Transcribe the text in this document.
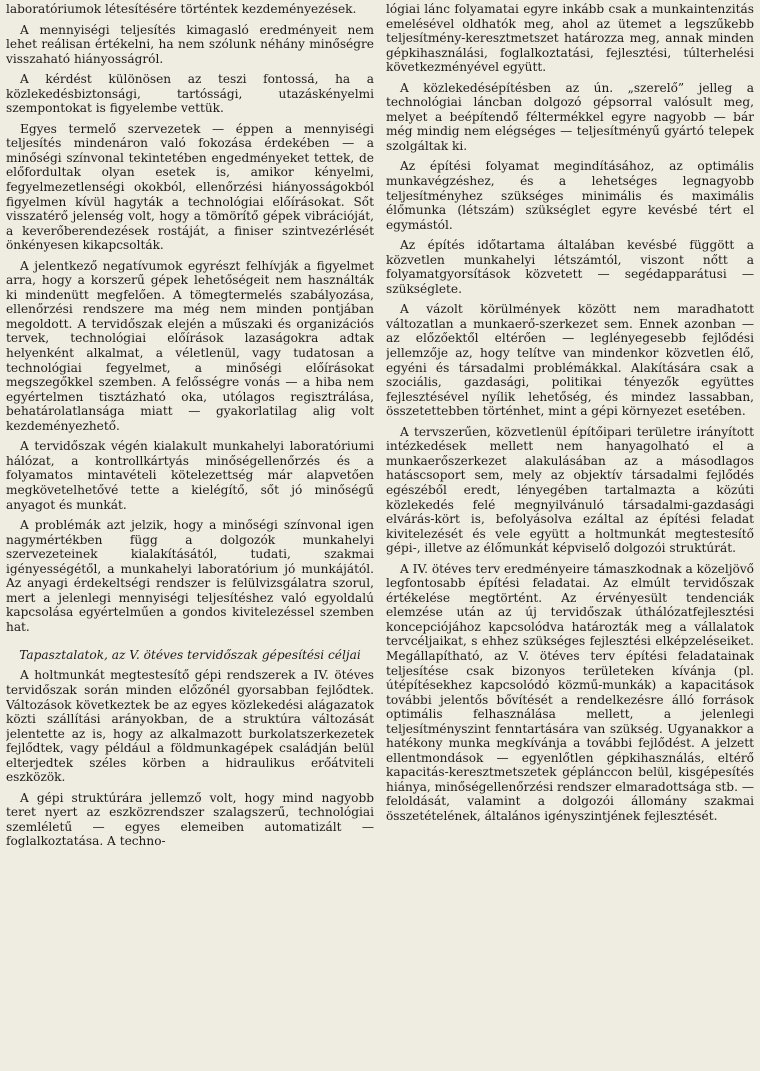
laboratóriumok létesítésére történtek kezdeményezések.

A mennyiségi teljesítés kimagasló eredményeit nem lehet reálisan értékelni, ha nem szólunk néhány minőségre visszaható hiányosságról.

A kérdést különösen az teszi fontossá, ha a közlekedésbiztonsági, tartóssági, utazáskényelmi szempontokat is figyelembe vettük.

Egyes termelő szervezetek — éppen a mennyiségi teljesítés mindenáron való fokozása érdekében — a minőségi színvonal tekintetében engedményeket tettek, de előfordultak olyan esetek is, amikor kényelmi, fegyelmezetlenségi okokból, ellenőrzési hiányosságokból figyelmen kívül hagyták a technológiai előírásokat. Sőt visszatérő jelenség volt, hogy a tömörítő gépek vibrációját, a keverőberendezések rostáját, a finiser szintvezérlését önkényesen kikapcsolták.

A jelentkező negatívumok egyrészt felhívják a figyelmet arra, hogy a korszerű gépek lehetőségeit nem használták ki mindenütt megfelően. A tömegtermelés szabályozása, ellenőrzési rendszere ma még nem minden pontjában megoldott. A tervidőszak elején a műszaki és organizációs tervek, technológiai előírások lazaságokra adtak helyenként alkalmat, a véletlenül, vagy tudatosan a technológiai fegyelmet, a minőségi előírásokat megszegőkkel szemben. A felősségre vonás — a hiba nem egyértelmen tisztázható oka, utólagos regisztrálása, behatárolatlansága miatt — gyakorlatilag alig volt kezdeményezhető.

A tervidőszak végén kialakult munkahelyi laboratóriumi hálózat, a kontrollkártyás minőségellenőrzés és a folyamatos mintavételi kötelezettség már alapvetően megkövetelhetővé tette a kielégítő, sőt jó minőségű anyagot és munkát.

A problémák azt jelzik, hogy a minőségi színvonal igen nagymértékben függ a dolgozók munkahelyi szervezeteinek kialakításától, tudati, szakmai igényességétől, a munkahelyi laboratórium jó munkájától. Az anyagi érdekeltségi rendszer is felülvizsgálatra szorul, mert a jelenlegi mennyiségi teljesítéshez való egyoldalú kapcsolása egyértelműen a gondos kivitelezéssel szemben hat.

Tapasztalatok, az V. ötéves tervidőszak gépesítési céljai

A holtmunkát megtestesítő gépi rendszerek a IV. ötéves tervidőszak során minden előzőnél gyorsabban fejlődtek. Változások következtek be az egyes közlekedési alágazatok közti szállítási arányokban, de a struktúra változását jelentette az is, hogy az alkalmazott burkolatszerkezetek fejlődtek, vagy például a földmunkagépek családján belül elterjedtek széles körben a hidraulikus erőátviteli eszközök.

A gépi struktúrára jellemző volt, hogy mind nagyobb teret nyert az eszközrendszer szalagszerű, technológiai szemléletű — egyes elemeiben automatizált — foglalkoztatása. A techno-

lógiai lánc folyamatai egyre inkább csak a munkaintenzitás emelésével oldhatók meg, ahol az ütemet a legszűkebb teljesítmény-keresztmetszet határozza meg, annak minden gépkihasználási, foglalkoztatási, fejlesztési, túlterhelési következményével együtt.

A közlekedésépítésben az ún. „szerelő” jelleg a technológiai láncban dolgozó gépsorral valósult meg, melyet a beépítendő féltermékkel egyre nagyobb — bár még mindig nem elégséges — teljesítményű gyártó telepek szolgáltak ki.

Az építési folyamat megindításához, az optimális munkavégzéshez, és a lehetséges legnagyobb teljesítményhez szükséges minimális és maximális élőmunka (létszám) szükséglet egyre kevésbé tért el egymástól.

Az építés időtartama általában kevésbé függött a közvetlen munkahelyi létszámtól, viszont nőtt a folyamatgyorsítások közvetett — segédapparátusi — szükséglete.

A vázolt körülmények között nem maradhatott változatlan a munkaerő-szerkezet sem. Ennek azonban — az előzőektől eltérően — leglényegesebb fejlődési jellemzője az, hogy telítve van mindenkor közvetlen élő, egyéni és társadalmi problémákkal. Alakítására csak a szociális, gazdasági, politikai tényezők együttes fejlesztésével nyílik lehetőség, és mindez lassabban, összetettebben történhet, mint a gépi környezet esetében.

A tervszerűen, közvetlenül építőipari területre irányított intézkedések mellett nem hanyagolható el a munkaerőszerkezet alakulásában az a másodlagos hatáscsoport sem, mely az objektív társadalmi fejlődés egészéből eredt, lényegében tartalmazta a közúti közlekedés felé megnyilvánuló társadalmi-gazdasági elvárás-kört is, befolyásolva ezáltal az építési feladat kivitelezését és vele együtt a holtmunkát megtestesítő gépi-, illetve az élőmunkát képviselő dolgozói struktúrát.

A IV. ötéves terv eredményeire támaszkodnak a közeljövő legfontosabb építési feladatai. Az elmúlt tervidőszak értékelése megtörtént. Az érvényesült tendenciák elemzése után az új tervidőszak úthálózatfejlesztési koncepciójához kapcsolódva határozták meg a vállalatok tervcéljaikat, s ehhez szükséges fejlesztési elképzeléseiket. Megállapítható, az V. ötéves terv építési feladatainak teljesítése csak bizonyos területeken kívánja (pl. útépítésekhez kapcsolódó közmű-munkák) a kapacitások további jelentős bővítését a rendelkezésre álló források optimális felhasználása mellett, a jelenlegi teljesítményszint fenntartására van szükség. Ugyanakkor a hatékony munka megkívánja a további fejlődést. A jelzett ellentmondások — egyenlőtlen gépkihasználás, eltérő kapacitás-keresztmetszetek géplánccon belül, kisgépesítés hiánya, minőségellenőrzési rendszer elmaradottsága stb. — feloldását, valamint a dolgozói állomány szakmai összetételének, általános igényszintjének fejlesztését.
